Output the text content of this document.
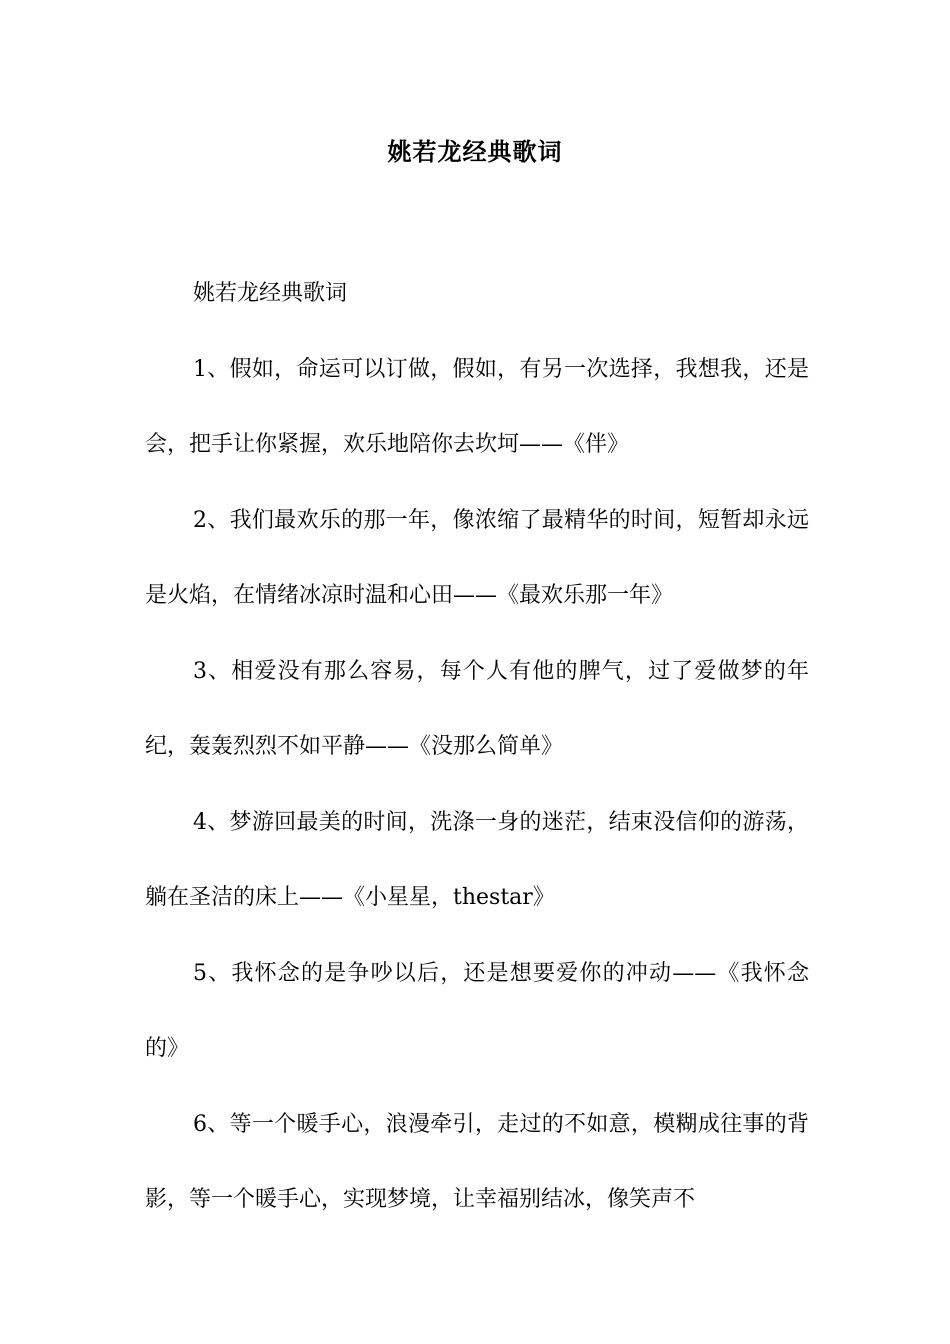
姚若龙经典歌词

姚若龙经典歌词

1、假如，命运可以订做，假如，有另一次选择，我想我，还是会，把手让你紧握，欢乐地陪你去坎坷——《伴》

2、我们最欢乐的那一年，像浓缩了最精华的时间，短暂却永远是火焰，在情绪冰凉时温和心田——《最欢乐那一年》

3、相爱没有那么容易，每个人有他的脾气，过了爱做梦的年纪，轰轰烈烈不如平静——《没那么简单》

4、梦游回最美的时间，洗涤一身的迷茫，结束没信仰的游荡，躺在圣洁的床上——《小星星，thestar》

5、我怀念的是争吵以后，还是想要爱你的冲动——《我怀念的》

6、等一个暖手心，浪漫牵引，走过的不如意，模糊成往事的背影，等一个暖手心，实现梦境，让幸福别结冰，像笑声不
